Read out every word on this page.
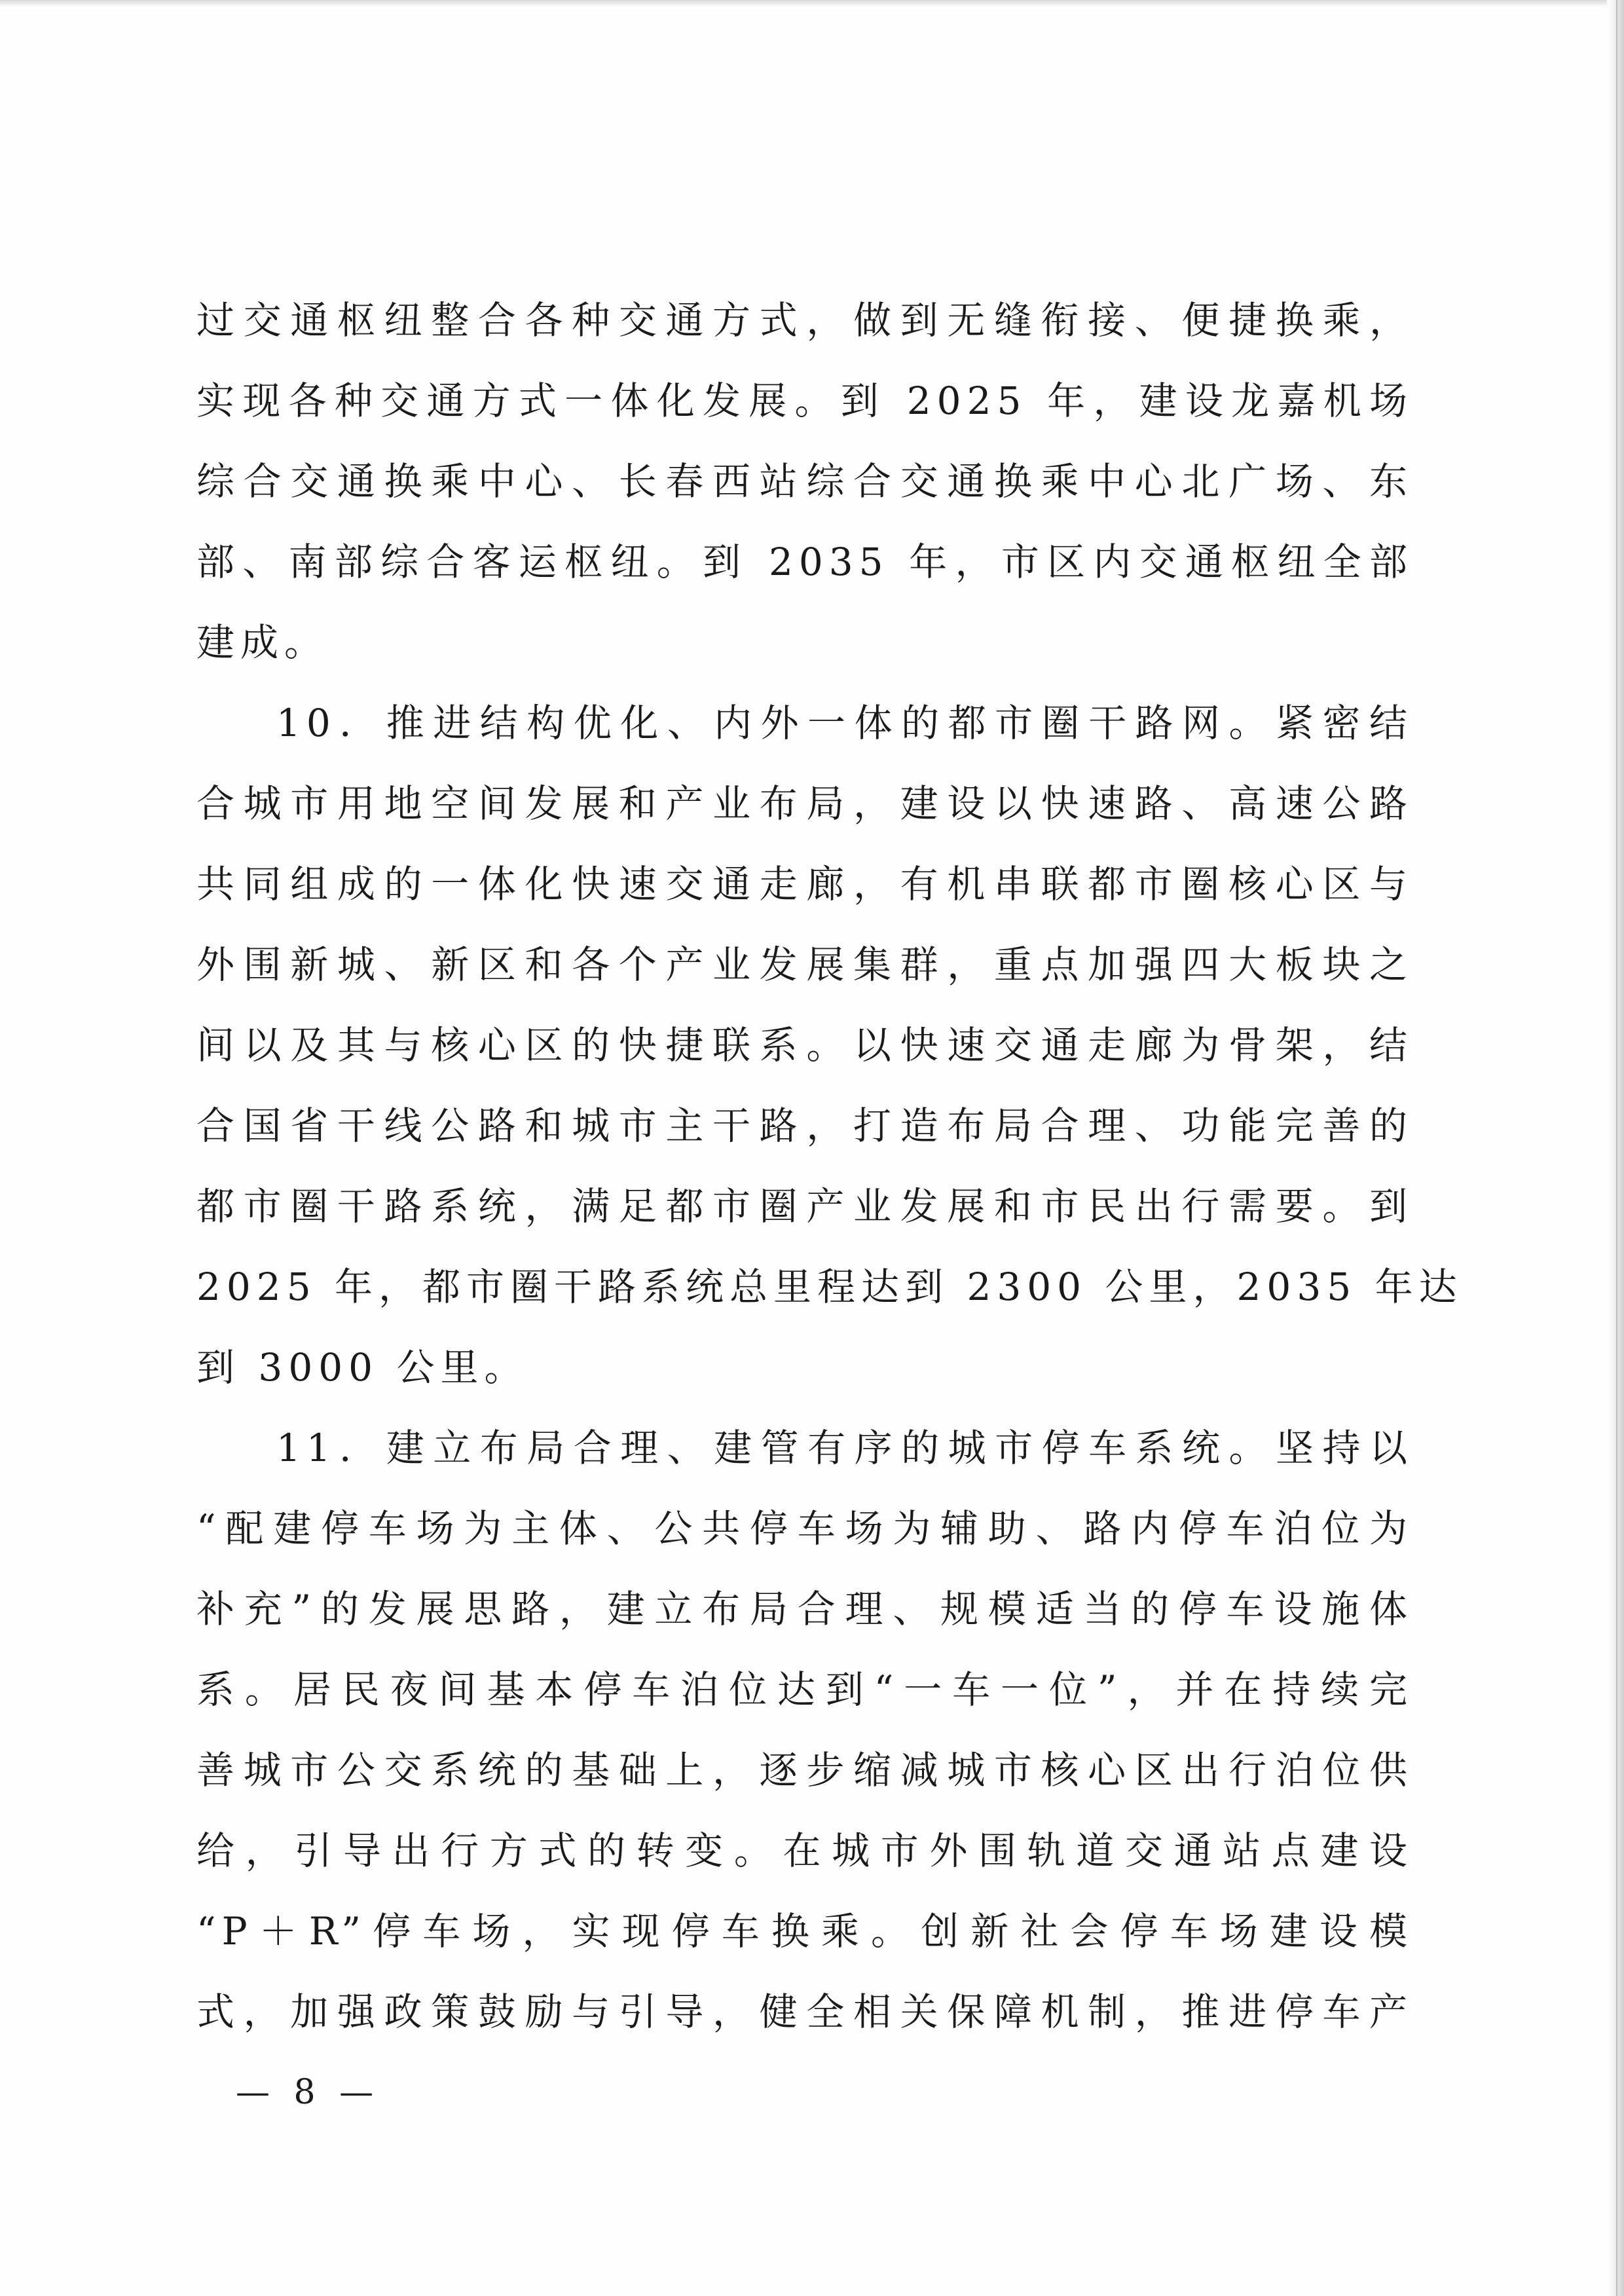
过交通枢纽整合各种交通方式，做到无缝衔接、便捷换乘，
实现各种交通方式一体化发展。到 2025 年，建设龙嘉机场
综合交通换乘中心、长春西站综合交通换乘中心北广场、东
部、南部综合客运枢纽。到 2035 年，市区内交通枢纽全部
建成。
10．推进结构优化、内外一体的都市圈干路网。紧密结
合城市用地空间发展和产业布局，建设以快速路、高速公路
共同组成的一体化快速交通走廊，有机串联都市圈核心区与
外围新城、新区和各个产业发展集群，重点加强四大板块之
间以及其与核心区的快捷联系。以快速交通走廊为骨架，结
合国省干线公路和城市主干路，打造布局合理、功能完善的
都市圈干路系统，满足都市圈产业发展和市民出行需要。到
2025 年，都市圈干路系统总里程达到 2300 公里，2035 年达
到 3000 公里。
11．建立布局合理、建管有序的城市停车系统。坚持以
“配建停车场为主体、公共停车场为辅助、路内停车泊位为
补充”的发展思路，建立布局合理、规模适当的停车设施体
系。居民夜间基本停车泊位达到“一车一位”，并在持续完
善城市公交系统的基础上，逐步缩减城市核心区出行泊位供
给，引导出行方式的转变。在城市外围轨道交通站点建设
“P＋R”停车场，实现停车换乘。创新社会停车场建设模
式，加强政策鼓励与引导，健全相关保障机制，推进停车产
— 8 —
